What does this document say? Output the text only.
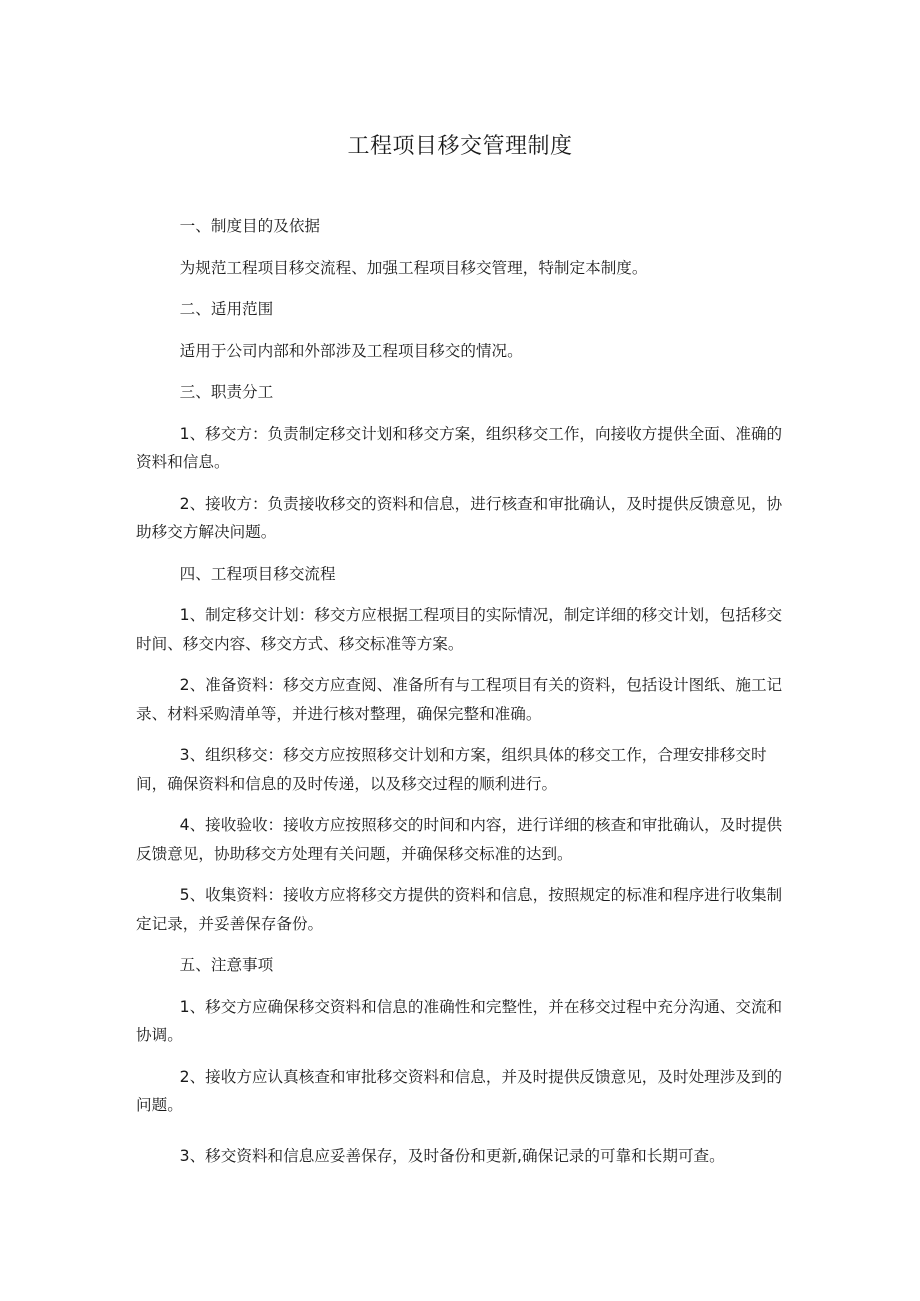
工程项目移交管理制度

一、制度目的及依据

为规范工程项目移交流程、加强工程项目移交管理，特制定本制度。

二、适用范围

适用于公司内部和外部涉及工程项目移交的情况。

三、职责分工

1、移交方：负责制定移交计划和移交方案，组织移交工作，向接收方提供全面、准确的资料和信息。

2、接收方：负责接收移交的资料和信息，进行核查和审批确认，及时提供反馈意见，协助移交方解决问题。

四、工程项目移交流程

1、制定移交计划：移交方应根据工程项目的实际情况，制定详细的移交计划，包括移交时间、移交内容、移交方式、移交标准等方案。

2、准备资料：移交方应查阅、准备所有与工程项目有关的资料，包括设计图纸、施工记录、材料采购清单等，并进行核对整理，确保完整和准确。

3、组织移交：移交方应按照移交计划和方案，组织具体的移交工作，合理安排移交时间，确保资料和信息的及时传递，以及移交过程的顺利进行。

4、接收验收：接收方应按照移交的时间和内容，进行详细的核查和审批确认，及时提供反馈意见，协助移交方处理有关问题，并确保移交标准的达到。

5、收集资料：接收方应将移交方提供的资料和信息，按照规定的标准和程序进行收集制定记录，并妥善保存备份。

五、注意事项

1、移交方应确保移交资料和信息的准确性和完整性，并在移交过程中充分沟通、交流和协调。

2、接收方应认真核查和审批移交资料和信息，并及时提供反馈意见，及时处理涉及到的问题。

3、移交资料和信息应妥善保存，及时备份和更新,确保记录的可靠和长期可查。
